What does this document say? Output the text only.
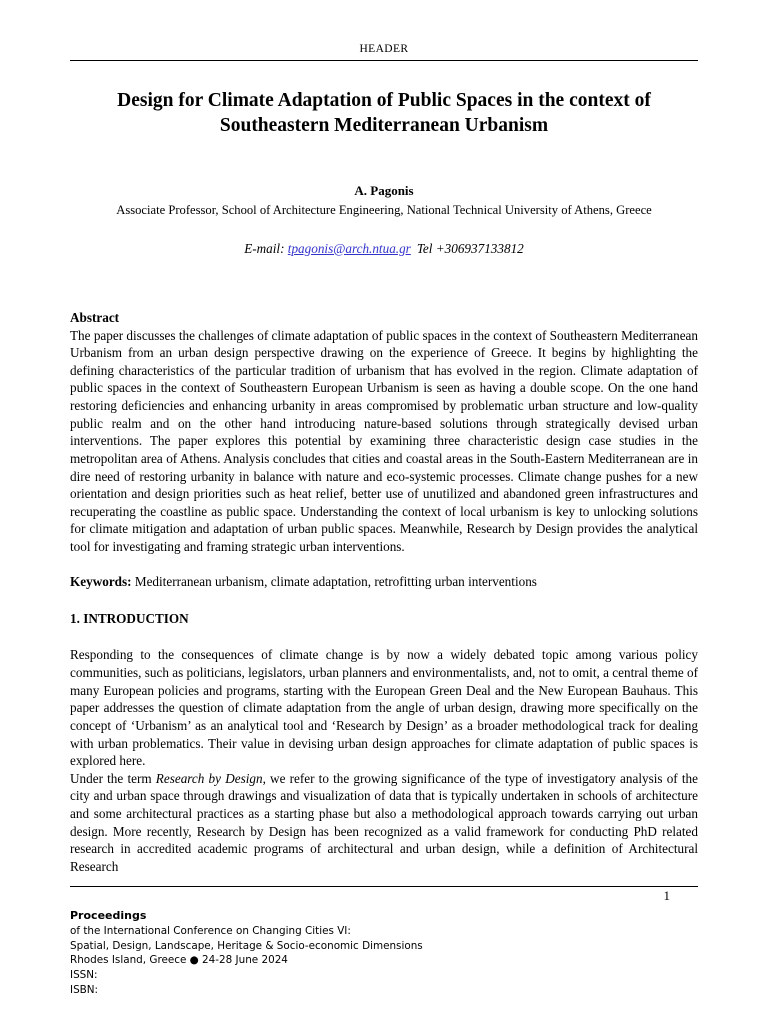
HEADER
Design for Climate Adaptation of Public Spaces in the context of Southeastern Mediterranean Urbanism
A. Pagonis
Associate Professor, School of Architecture Engineering, National Technical University of Athens, Greece
E-mail: tpagonis@arch.ntua.gr Tel +306937133812
Abstract

The paper discusses the challenges of climate adaptation of public spaces in the context of Southeastern Mediterranean Urbanism from an urban design perspective drawing on the experience of Greece. It begins by highlighting the defining characteristics of the particular tradition of urbanism that has evolved in the region. Climate adaptation of public spaces in the context of Southeastern European Urbanism is seen as having a double scope. On the one hand restoring deficiencies and enhancing urbanity in areas compromised by problematic urban structure and low-quality public realm and on the other hand introducing nature-based solutions through strategically devised urban interventions. The paper explores this potential by examining three characteristic design case studies in the metropolitan area of Athens. Analysis concludes that cities and coastal areas in the South-Eastern Mediterranean are in dire need of restoring urbanity in balance with nature and eco-systemic processes. Climate change pushes for a new orientation and design priorities such as heat relief, better use of unutilized and abandoned green infrastructures and recuperating the coastline as public space. Understanding the context of local urbanism is key to unlocking solutions for climate mitigation and adaptation of urban public spaces. Meanwhile, Research by Design provides the analytical tool for investigating and framing strategic urban interventions.

Keywords: Mediterranean urbanism, climate adaptation, retrofitting urban interventions
1. INTRODUCTION

Responding to the consequences of climate change is by now a widely debated topic among various policy communities, such as politicians, legislators, urban planners and environmentalists, and, not to omit, a central theme of many European policies and programs, starting with the European Green Deal and the New European Bauhaus. This paper addresses the question of climate adaptation from the angle of urban design, drawing more specifically on the concept of ‘Urbanism’ as an analytical tool and ‘Research by Design’ as a broader methodological track for dealing with urban problematics. Their value in devising urban design approaches for climate adaptation of public spaces is explored here.

Under the term Research by Design, we refer to the growing significance of the type of investigatory analysis of the city and urban space through drawings and visualization of data that is typically undertaken in schools of architecture and some architectural practices as a starting phase but also a methodological approach towards carrying out urban design. More recently, Research by Design has been recognized as a valid framework for conducting PhD related research in accredited academic programs of architectural and urban design, while a definition of Architectural Research

1
Proceedings
of the International Conference on Changing Cities VI:
Spatial, Design, Landscape, Heritage & Socio-economic Dimensions
Rhodes Island, Greece ● 24-28 June 2024
ISSN:
ISBN:
